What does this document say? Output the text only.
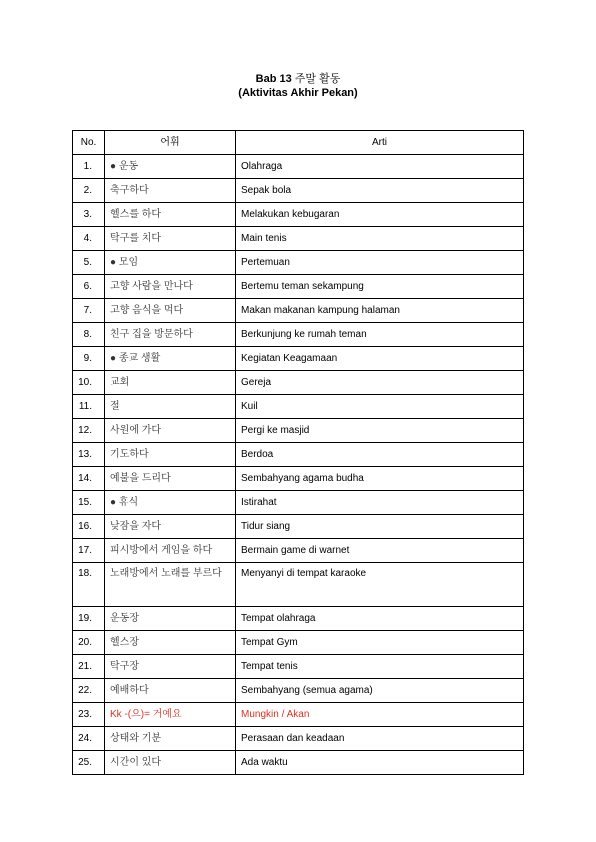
Bab 13 주말 활동
(Aktivitas Akhir Pekan)
No.	어휘	Arti
1.	● 운동	Olahraga
2.	축구하다	Sepak bola
3.	헬스를 하다	Melakukan kebugaran
4.	탁구를 치다	Main tenis
5.	● 모임	Pertemuan
6.	고향 사람을 만나다	Bertemu teman sekampung
7.	고향 음식을 먹다	Makan makanan kampung halaman
8.	친구 집을 방문하다	Berkunjung ke rumah teman
9.	● 종교 생활	Kegiatan Keagamaan
10.	교회	Gereja
11.	절	Kuil
12.	사원에 가다	Pergi ke masjid
13.	기도하다	Berdoa
14.	예불을 드리다	Sembahyang agama budha
15.	● 휴식	Istirahat
16.	낮잠을 자다	Tidur siang
17.	피시방에서 게임을 하다	Bermain game di warnet
18.	노래방에서 노래를 부르다	Menyanyi di tempat karaoke
19.	운동장	Tempat olahraga
20.	헬스장	Tempat Gym
21.	탁구장	Tempat tenis
22.	예배하다	Sembahyang (semua agama)
23.	Kk -(으)= 거예요	Mungkin / Akan
24.	상태와 기분	Perasaan dan keadaan
25.	시간이 있다	Ada waktu
